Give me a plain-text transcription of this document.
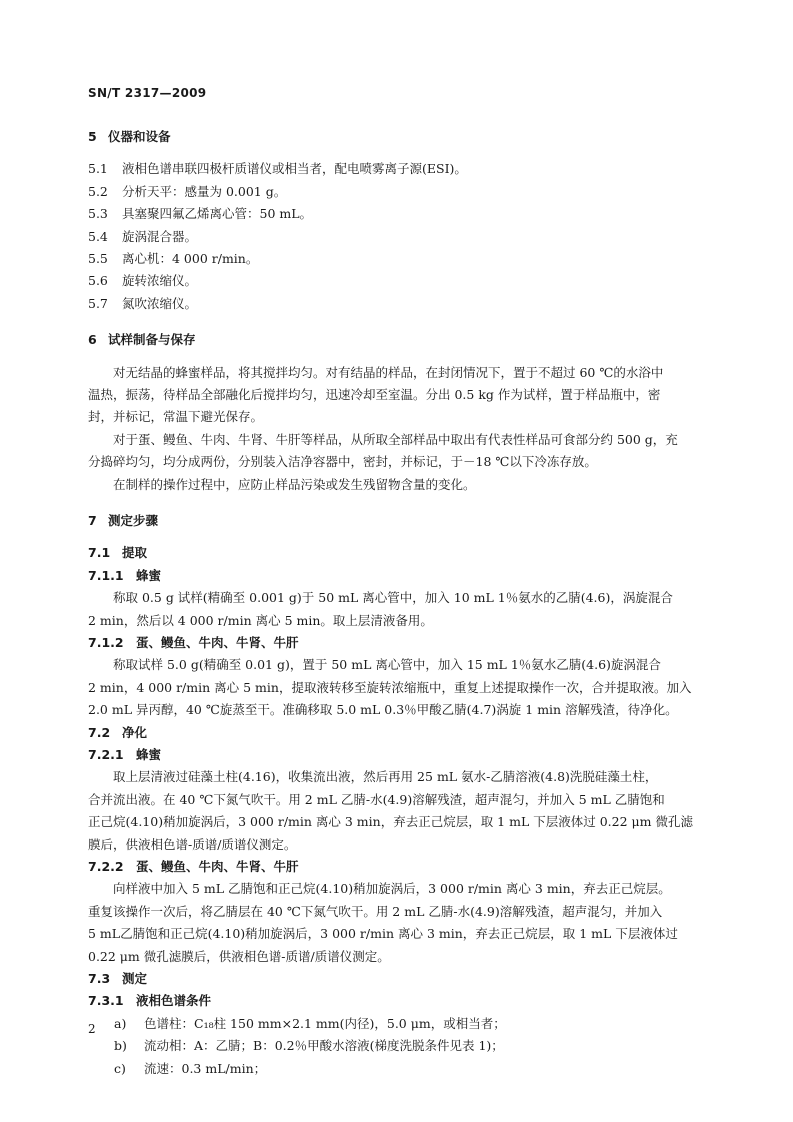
SN/T 2317—2009
5 仪器和设备
5.1 液相色谱串联四极杆质谱仪或相当者，配电喷雾离子源(ESI)。
5.2 分析天平：感量为 0.001 g。
5.3 具塞聚四氟乙烯离心管：50 mL。
5.4 旋涡混合器。
5.5 离心机：4 000 r/min。
5.6 旋转浓缩仪。
5.7 氮吹浓缩仪。
6 试样制备与保存
对无结晶的蜂蜜样品，将其搅拌均匀。对有结晶的样品，在封闭情况下，置于不超过 60 ℃的水浴中
温热，振荡，待样品全部融化后搅拌均匀，迅速冷却至室温。分出 0.5 kg 作为试样，置于样品瓶中，密
封，并标记，常温下避光保存。
对于蛋、鳗鱼、牛肉、牛肾、牛肝等样品，从所取全部样品中取出有代表性样品可食部分约 500 g，充
分捣碎均匀，均分成两份，分别装入洁净容器中，密封，并标记，于－18 ℃以下冷冻存放。
在制样的操作过程中，应防止样品污染或发生残留物含量的变化。
7 测定步骤
7.1 提取
7.1.1 蜂蜜
称取 0.5 g 试样(精确至 0.001 g)于 50 mL 离心管中，加入 10 mL 1％氨水的乙腈(4.6)，涡旋混合
2 min，然后以 4 000 r/min 离心 5 min。取上层清液备用。
7.1.2 蛋、鳗鱼、牛肉、牛肾、牛肝
称取试样 5.0 g(精确至 0.01 g)，置于 50 mL 离心管中，加入 15 mL 1％氨水乙腈(4.6)旋涡混合
2 min，4 000 r/min 离心 5 min，提取液转移至旋转浓缩瓶中，重复上述提取操作一次，合并提取液。加入
2.0 mL 异丙醇，40 ℃旋蒸至干。准确移取 5.0 mL 0.3％甲酸乙腈(4.7)涡旋 1 min 溶解残渣，待净化。
7.2 净化
7.2.1 蜂蜜
取上层清液过硅藻土柱(4.16)，收集流出液，然后再用 25 mL 氨水-乙腈溶液(4.8)洗脱硅藻土柱，
合并流出液。在 40 ℃下氮气吹干。用 2 mL 乙腈-水(4.9)溶解残渣，超声混匀，并加入 5 mL 乙腈饱和
正己烷(4.10)稍加旋涡后，3 000 r/min 离心 3 min，弃去正己烷层，取 1 mL 下层液体过 0.22 μm 微孔滤
膜后，供液相色谱-质谱/质谱仪测定。
7.2.2 蛋、鳗鱼、牛肉、牛肾、牛肝
向样液中加入 5 mL 乙腈饱和正己烷(4.10)稍加旋涡后，3 000 r/min 离心 3 min，弃去正己烷层。
重复该操作一次后，将乙腈层在 40 ℃下氮气吹干。用 2 mL 乙腈-水(4.9)溶解残渣，超声混匀，并加入
5 mL乙腈饱和正己烷(4.10)稍加旋涡后，3 000 r/min 离心 3 min，弃去正己烷层，取 1 mL 下层液体过
0.22 μm 微孔滤膜后，供液相色谱-质谱/质谱仪测定。
7.3 测定
7.3.1 液相色谱条件
a) 色谱柱：C₁₈柱 150 mm×2.1 mm(内径)，5.0 μm，或相当者；
b) 流动相：A：乙腈；B：0.2％甲酸水溶液(梯度洗脱条件见表 1)；
c) 流速：0.3 mL/min；
2
